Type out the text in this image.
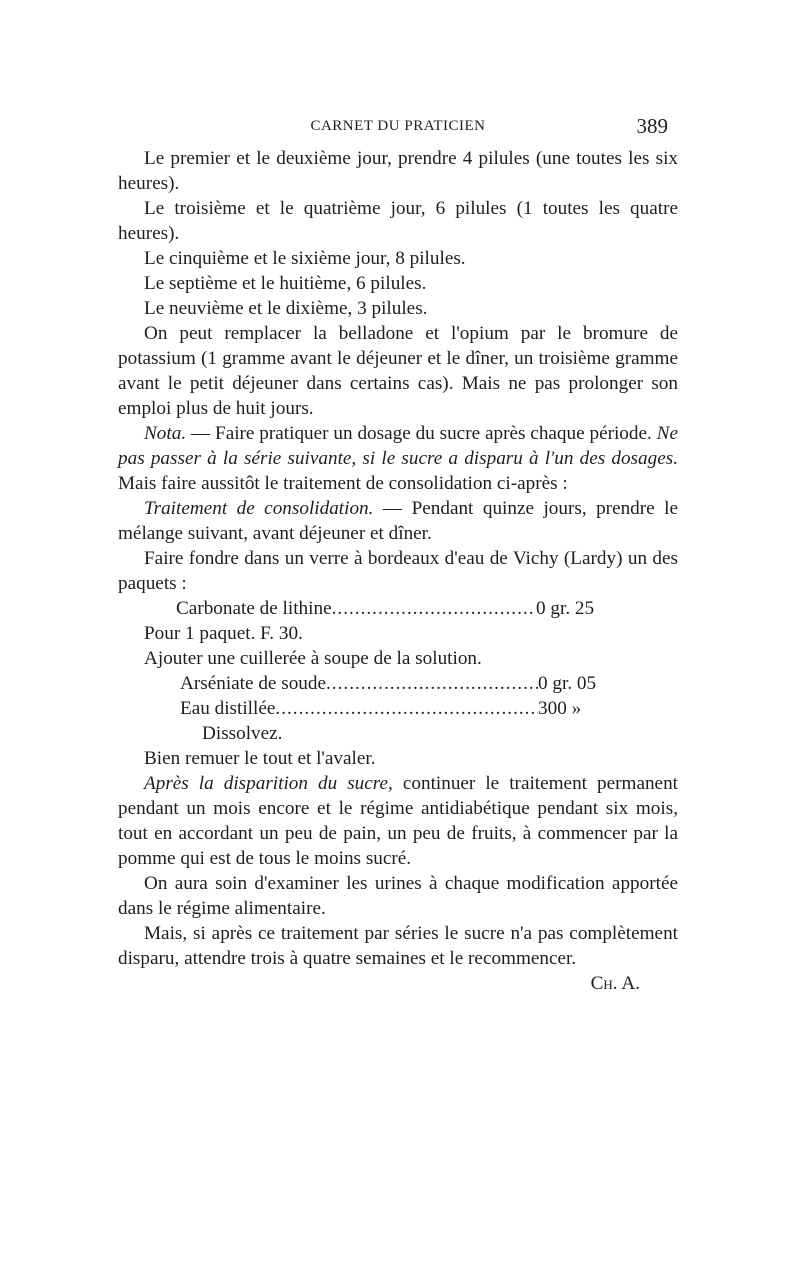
CARNET DU PRATICIEN	389

Le premier et le deuxième jour, prendre 4 pilules (une toutes les six heures).

Le troisième et le quatrième jour, 6 pilules (1 toutes les quatre heures).

Le cinquième et le sixième jour, 8 pilules.

Le septième et le huitième, 6 pilules.

Le neuvième et le dixième, 3 pilules.

On peut remplacer la belladone et l'opium par le bromure de potassium (1 gramme avant le déjeuner et le dîner, un troisième gramme avant le petit déjeuner dans certains cas). Mais ne pas prolonger son emploi plus de huit jours.

Nota. — Faire pratiquer un dosage du sucre après chaque période. Ne pas passer à la série suivante, si le sucre a disparu à l'un des dosages. Mais faire aussitôt le traitement de consolidation ci-après :

Traitement de consolidation. — Pendant quinze jours, prendre le mélange suivant, avant déjeuner et dîner.

Faire fondre dans un verre à bordeaux d'eau de Vichy (Lardy) un des paquets :

Carbonate de lithine .....	0 gr. 25
Pour 1 paquet. F. 30.
Ajouter une cuillerée à soupe de la solution.
Arséniate de soude .....	0 gr. 05
Eau distillée .....	300 »
Dissolvez.
Bien remuer le tout et l'avaler.

Après la disparition du sucre, continuer le traitement permanent pendant un mois encore et le régime antidiabétique pendant six mois, tout en accordant un peu de pain, un peu de fruits, à commencer par la pomme qui est de tous le moins sucré.

On aura soin d'examiner les urines à chaque modification apportée dans le régime alimentaire.

Mais, si après ce traitement par séries le sucre n'a pas complètement disparu, attendre trois à quatre semaines et le recommencer.

Ch. A.
